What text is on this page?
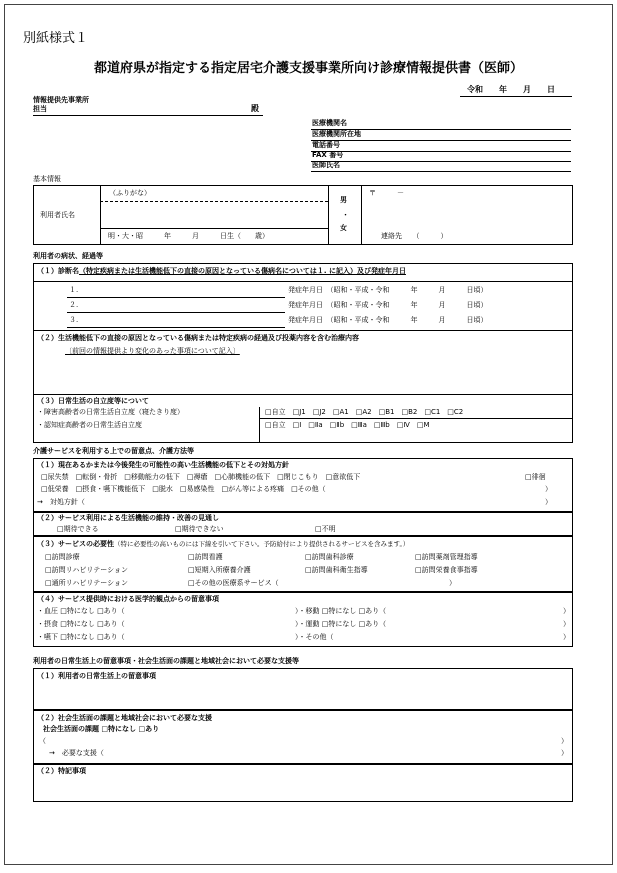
別紙様式１
都道府県が指定する指定居宅介護支援事業所向け診療情報提供書（医師）
令和　　年　　月　　日
情報提供先事業所
担当	殿
医療機関名
医療機関所在地
電話番号
FAX 番号
医師氏名
基本情報
（ふりがな）
利用者氏名
明・大・昭　　　年　　　月　　　日生（　　歳）
男
・
女
〒　　　－
連絡先　　（　　　）
利用者の病状、経過等
（１）診断名（特定疾病または生活機能低下の直接の原因となっている傷病名については１. に記入）及び発症年月日
１.	発症年月日　（昭和・平成・令和　　　年　　　月　　　日頃）
２.	発症年月日　（昭和・平成・令和　　　年　　　月　　　日頃）
３.	発症年月日　（昭和・平成・令和　　　年　　　月　　　日頃）
（２）生活機能低下の直接の原因となっている傷病または特定疾病の経過及び投薬内容を含む治療内容
〔前回の情報提供より変化のあった事項について記入〕
（３）日常生活の自立度等について
・障害高齢者の日常生活自立度（寝たきり度）	□自立　□J1　□J2　□A1　□A2　□B1　□B2　□C1　□C2
・認知症高齢者の日常生活自立度	□自立　□Ⅰ　□Ⅱa　□Ⅱb　□Ⅲa　□Ⅲb　□Ⅳ　□M
介護サービスを利用する上での留意点、介護方法等
（１）現在あるかまたは今後発生の可能性の高い生活機能の低下とその対処方針
□尿失禁　□転倒・骨折　□移動能力の低下　□褥瘡　□心肺機能の低下　□閉じこもり　□意欲低下	□徘徊
□低栄養　□摂食・嚥下機能低下　□脱水　□易感染性　□がん等による疼痛　□その他（	）
→　対処方針（	）
（２）サービス利用による生活機能の維持・改善の見通し
□期待できる	□期待できない	□不明
（３）サービスの必要性（特に必要性の高いものには下線を引いて下さい。予防給付により提供されるサービスを含みます。）
□訪問診療	□訪問看護	□訪問歯科診療	□訪問薬剤管理指導
□訪問リハビリテーション	□短期入所療養介護	□訪問歯科衛生指導	□訪問栄養食事指導
□通所リハビリテーション	□その他の医療系サービス（	）
（４）サービス提供時における医学的観点からの留意事項
・血圧 □特になし □あり（	）・移動 □特になし □あり（	）
・摂食 □特になし □あり（	）・運動 □特になし □あり（	）
・嚥下 □特になし □あり（	）・その他（	）
利用者の日常生活上の留意事項・社会生活面の課題と地域社会において必要な支援等
（１）利用者の日常生活上の留意事項
（２）社会生活面の課題と地域社会において必要な支援
社会生活面の課題 □特になし □あり
（	）
→　必要な支援（	）
（２）特記事項
